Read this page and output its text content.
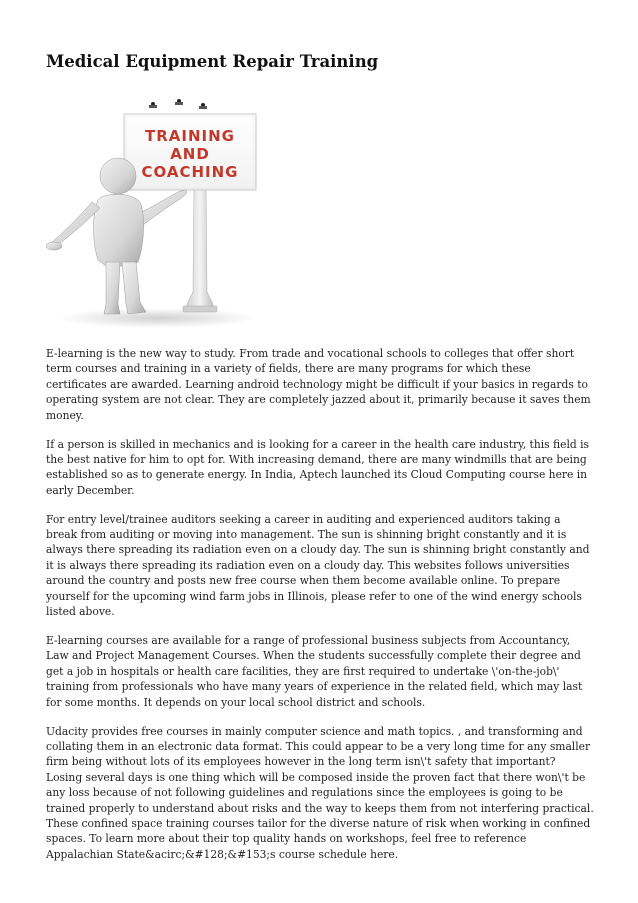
Medical Equipment Repair Training
TRAINING
AND
COACHING

E-learning is the new way to study. From trade and vocational schools to colleges that offer short term courses and training in a variety of fields, there are many programs for which these certificates are awarded. Learning android technology might be difficult if your basics in regards to operating system are not clear. They are completely jazzed about it, primarily because it saves them money.

If a person is skilled in mechanics and is looking for a career in the health care industry, this field is the best native for him to opt for. With increasing demand, there are many windmills that are being established so as to generate energy. In India, Aptech launched its Cloud Computing course here in early December.

For entry level/trainee auditors seeking a career in auditing and experienced auditors taking a break from auditing or moving into management. The sun is shinning bright constantly and it is always there spreading its radiation even on a cloudy day. The sun is shinning bright constantly and it is always there spreading its radiation even on a cloudy day. This websites follows universities around the country and posts new free course when them become available online. To prepare yourself for the upcoming wind farm jobs in Illinois, please refer to one of the wind energy schools listed above.

E-learning courses are available for a range of professional business subjects from Accountancy, Law and Project Management Courses. When the students successfully complete their degree and get a job in hospitals or health care facilities, they are first required to undertake \'on-the-job\' training from professionals who have many years of experience in the related field, which may last for some months. It depends on your local school district and schools.

Udacity provides free courses in mainly computer science and math topics. , and transforming and collating them in an electronic data format. This could appear to be a very long time for any smaller firm being without lots of its employees however in the long term isn\'t safety that important? Losing several days is one thing which will be composed inside the proven fact that there won\'t be any loss because of not following guidelines and regulations since the employees is going to be trained properly to understand about risks and the way to keeps them from not interfering practical. These confined space training courses tailor for the diverse nature of risk when working in confined spaces. To learn more about their top quality hands on workshops, feel free to reference Appalachian State&acirc;&#128;&#153;s course schedule here.
